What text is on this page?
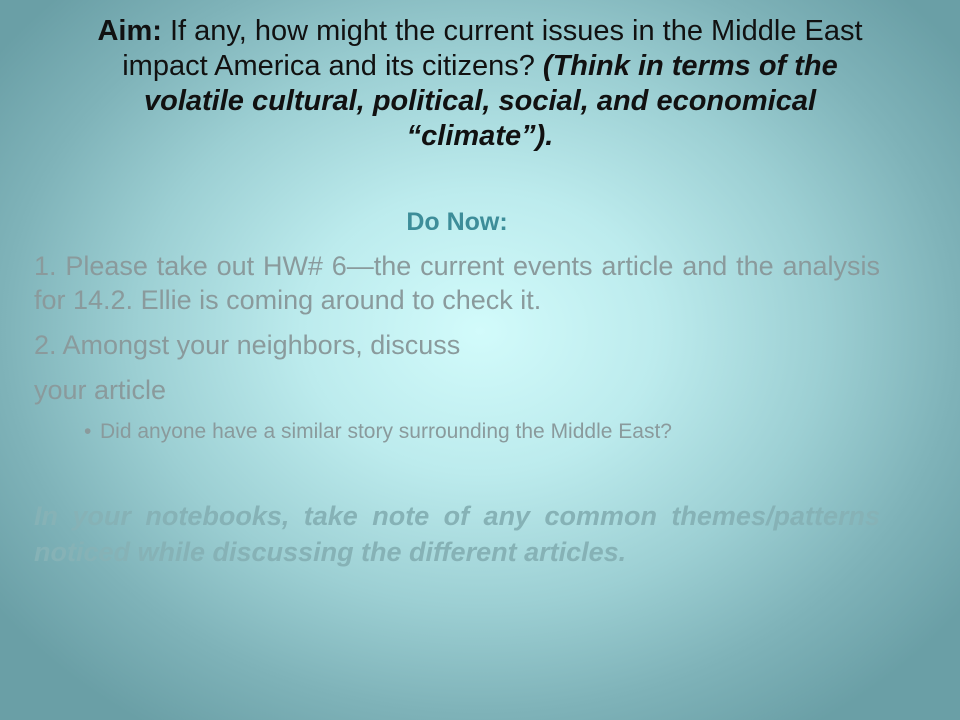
Aim: If any, how might the current issues in the Middle East impact America and its citizens? (Think in terms of the volatile cultural, political, social, and economical “climate”).
Do Now:
1. Please take out HW# 6—the current events article and the analysis for 14.2. Ellie is coming around to check it.
2. Amongst your neighbors, discuss
your article
• Did anyone have a similar story surrounding the Middle East?
In your notebooks, take note of any common themes/patterns noticed while discussing the different articles.
